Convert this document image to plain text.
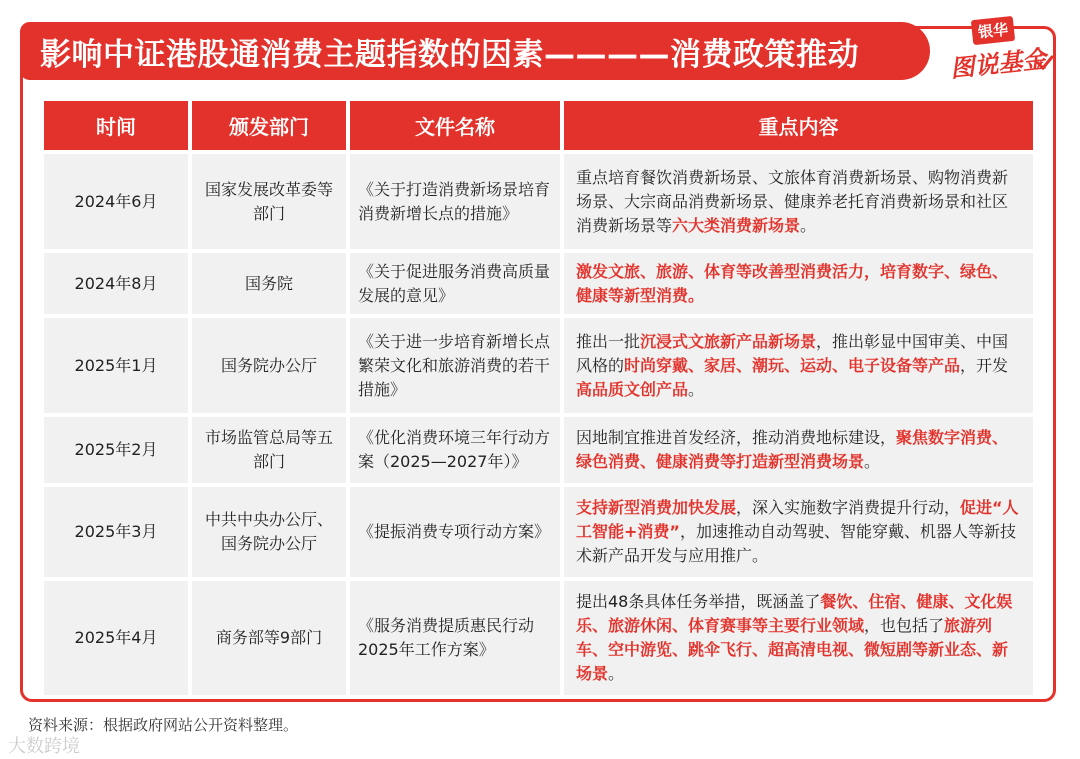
影响中证港股通消费主题指数的因素————消费政策推动
银华
图说基金
时间	颁发部门	文件名称	重点内容
2024年6月	国家发展改革委等部门	《关于打造消费新场景培育消费新增长点的措施》	重点培育餐饮消费新场景、文旅体育消费新场景、购物消费新场景、大宗商品消费新场景、健康养老托育消费新场景和社区消费新场景等六大类消费新场景。
2024年8月	国务院	《关于促进服务消费高质量发展的意见》	激发文旅、旅游、体育等改善型消费活力，培育数字、绿色、健康等新型消费。
2025年1月	国务院办公厅	《关于进一步培育新增长点繁荣文化和旅游消费的若干措施》	推出一批沉浸式文旅新产品新场景，推出彰显中国审美、中国风格的时尚穿戴、家居、潮玩、运动、电子设备等产品，开发高品质文创产品。
2025年2月	市场监管总局等五部门	《优化消费环境三年行动方案（2025—2027年）》	因地制宜推进首发经济，推动消费地标建设，聚焦数字消费、绿色消费、健康消费等打造新型消费场景。
2025年3月	中共中央办公厅、国务院办公厅	《提振消费专项行动方案》	支持新型消费加快发展，深入实施数字消费提升行动，促进“人工智能+消费”，加速推动自动驾驶、智能穿戴、机器人等新技术新产品开发与应用推广。
2025年4月	商务部等9部门	《服务消费提质惠民行动2025年工作方案》	提出48条具体任务举措，既涵盖了餐饮、住宿、健康、文化娱乐、旅游休闲、体育赛事等主要行业领域，也包括了旅游列车、空中游览、跳伞飞行、超高清电视、微短剧等新业态、新场景。
资料来源：根据政府网站公开资料整理。
大数跨境
